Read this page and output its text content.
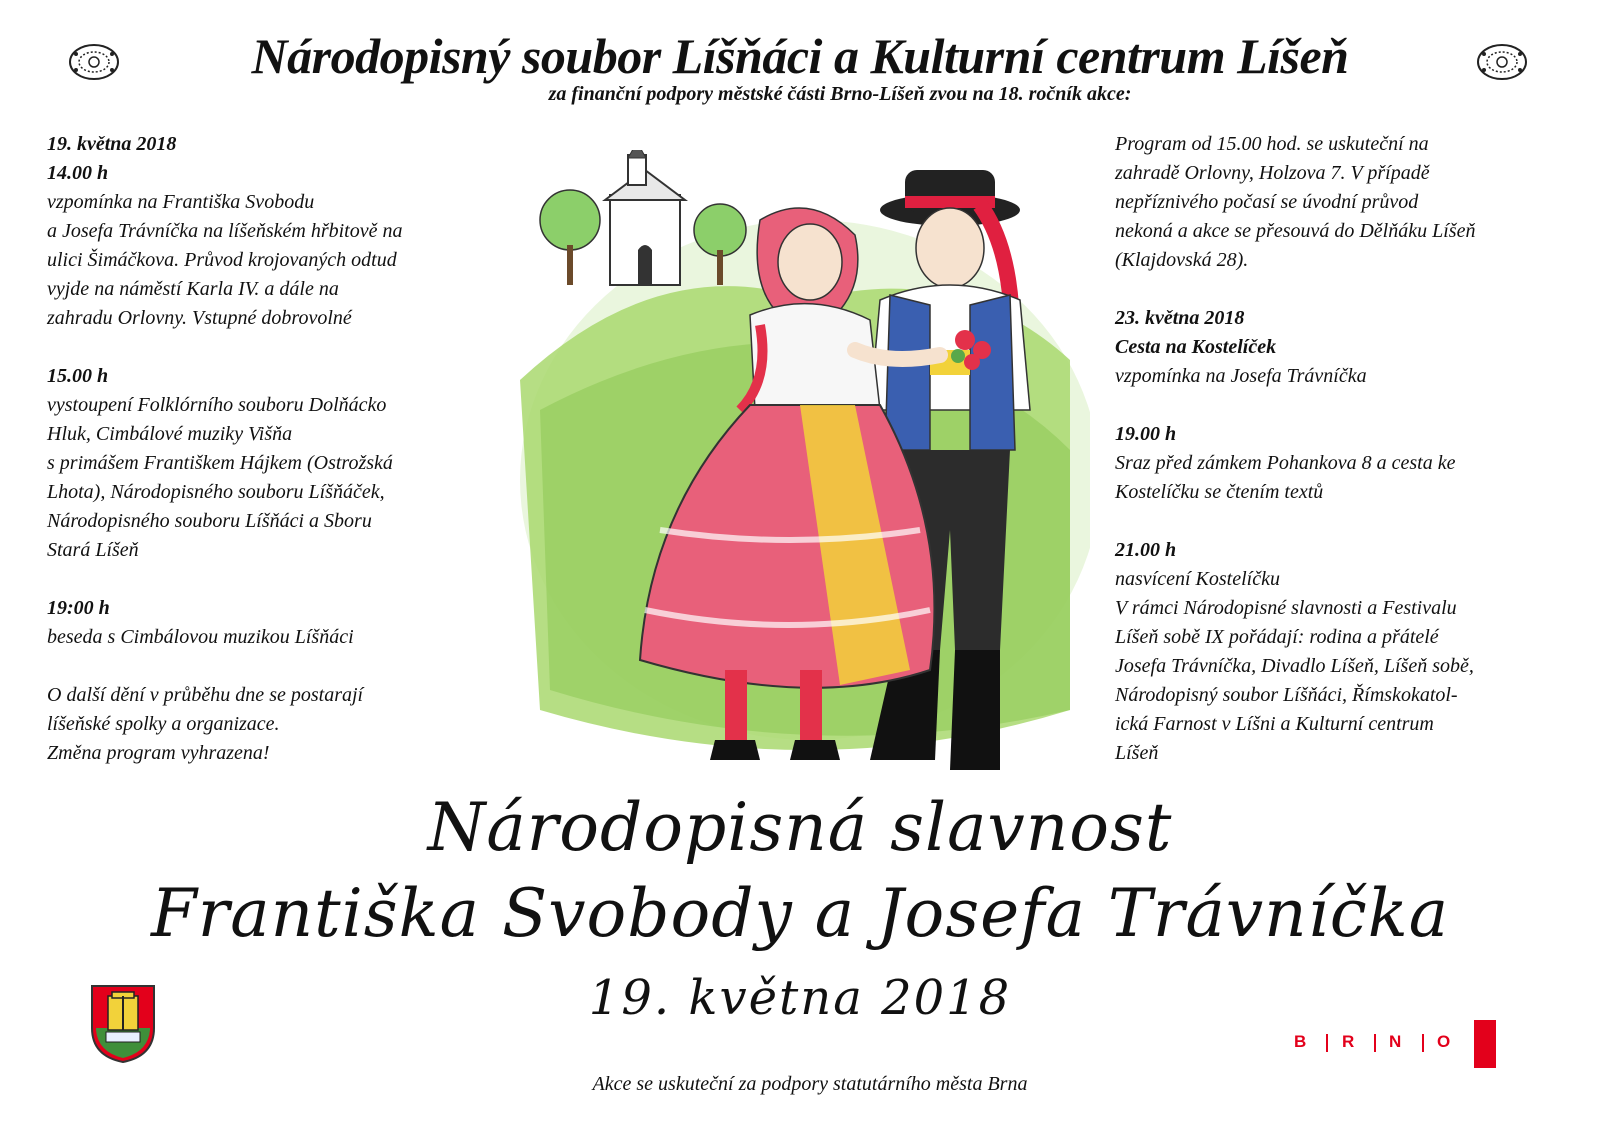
Národopisný soubor Líšňáci a Kulturní centrum Líšeň
za finanční podpory městské části Brno-Líšeň zvou na 18. ročník akce:
19. května 2018
14.00 h
vzpomínka na Františka Svobodu
a Josefa Trávníčka na líšeňském hřbitově na
ulici Šimáčkova. Průvod krojovaných odtud
vyjde na náměstí Karla IV. a dále na
zahradu Orlovny. Vstupné dobrovolné
15.00 h
vystoupení Folklórního souboru Dolňácko
Hluk, Cimbálové muziky Višňa
s primášem Františkem Hájkem (Ostrožská
Lhota), Národopisného souboru Líšňáček,
Národopisného souboru Líšňáci a Sboru
Stará Líšeň
19:00 h
beseda s Cimbálovou muzikou Líšňáci
O další dění v průběhu dne se postarají
líšeňské spolky a organizace.
Změna program vyhrazena!
Program od 15.00 hod. se uskuteční na
zahradě Orlovny, Holzova 7. V případě
nepříznivého počasí se úvodní průvod
nekoná a akce se přesouvá do Dělňáku Líšeň
(Klajdovská 28).
23. května 2018
Cesta na Kostelíček
vzpomínka na Josefa Trávníčka
19.00 h
Sraz před zámkem Pohankova 8 a cesta ke
Kostelíčku se čtením textů
21.00 h
nasvícení Kostelíčku
V rámci Národopisné slavnosti a Festivalu
Líšeň sobě IX pořádají: rodina a přátelé
Josefa Trávníčka, Divadlo Líšeň, Líšeň sobě,
Národopisný soubor Líšňáci, Římskokatol-
ická Farnost v Líšni a Kulturní centrum
Líšeň
Národopisná slavnost
Františka Svobody a Josefa Trávníčka
19. května 2018
B R N O
Akce se uskuteční za podpory statutárního města Brna
